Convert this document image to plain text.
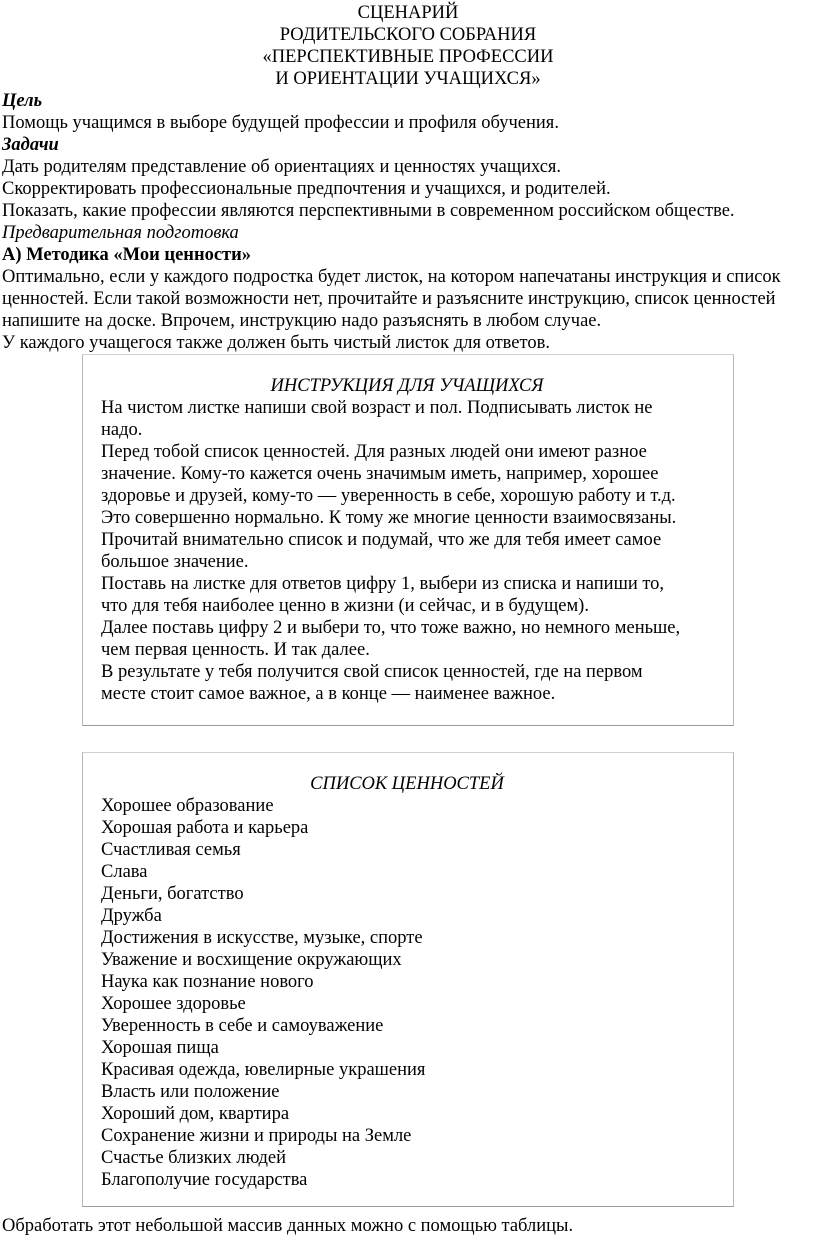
СЦЕНАРИЙ
РОДИТЕЛЬСКОГО СОБРАНИЯ
«ПЕРСПЕКТИВНЫЕ ПРОФЕССИИ
И ОРИЕНТАЦИИ УЧАЩИХСЯ»

Цель

Помощь учащимся в выборе будущей профессии и профиля обучения.

Задачи

Дать родителям представление об ориентациях и ценностях учащихся.

Скорректировать профессиональные предпочтения и учащихся, и родителей.

Показать, какие профессии являются перспективными в современном российском обществе.

Предварительная подготовка

А) Методика «Мои ценности»

Оптимально, если у каждого подростка будет листок, на котором напечатаны инструкция и список

ценностей. Если такой возможности нет, прочитайте и разъясните инструкцию, список ценностей

напишите на доске. Впрочем, инструкцию надо разъяснять в любом случае.

У каждого учащегося также должен быть чистый листок для ответов.

ИНСТРУКЦИЯ ДЛЯ УЧАЩИХСЯ
На чистом листке напиши свой возраст и пол. Подписывать листок не
надо.
Перед тобой список ценностей. Для разных людей они имеют разное
значение. Кому-то кажется очень значимым иметь, например, хорошее
здоровье и друзей, кому-то — уверенность в себе, хорошую работу и т.д.
Это совершенно нормально. К тому же многие ценности взаимосвязаны.
Прочитай внимательно список и подумай, что же для тебя имеет самое
большое значение.
Поставь на листке для ответов цифру 1, выбери из списка и напиши то,
что для тебя наиболее ценно в жизни (и сейчас, и в будущем).
Далее поставь цифру 2 и выбери то, что тоже важно, но немного меньше,
чем первая ценность. И так далее.
В результате у тебя получится свой список ценностей, где на первом
месте стоит самое важное, а в конце — наименее важное.
СПИСОК ЦЕННОСТЕЙ
Хорошее образование
Хорошая работа и карьера
Счастливая семья
Слава
Деньги, богатство
Дружба
Достижения в искусстве, музыке, спорте
Уважение и восхищение окружающих
Наука как познание нового
Хорошее здоровье
Уверенность в себе и самоуважение
Хорошая пища
Красивая одежда, ювелирные украшения
Власть или положение
Хороший дом, квартира
Сохранение жизни и природы на Земле
Счастье близких людей
Благополучие государства
Обработать этот небольшой массив данных можно с помощью таблицы.
